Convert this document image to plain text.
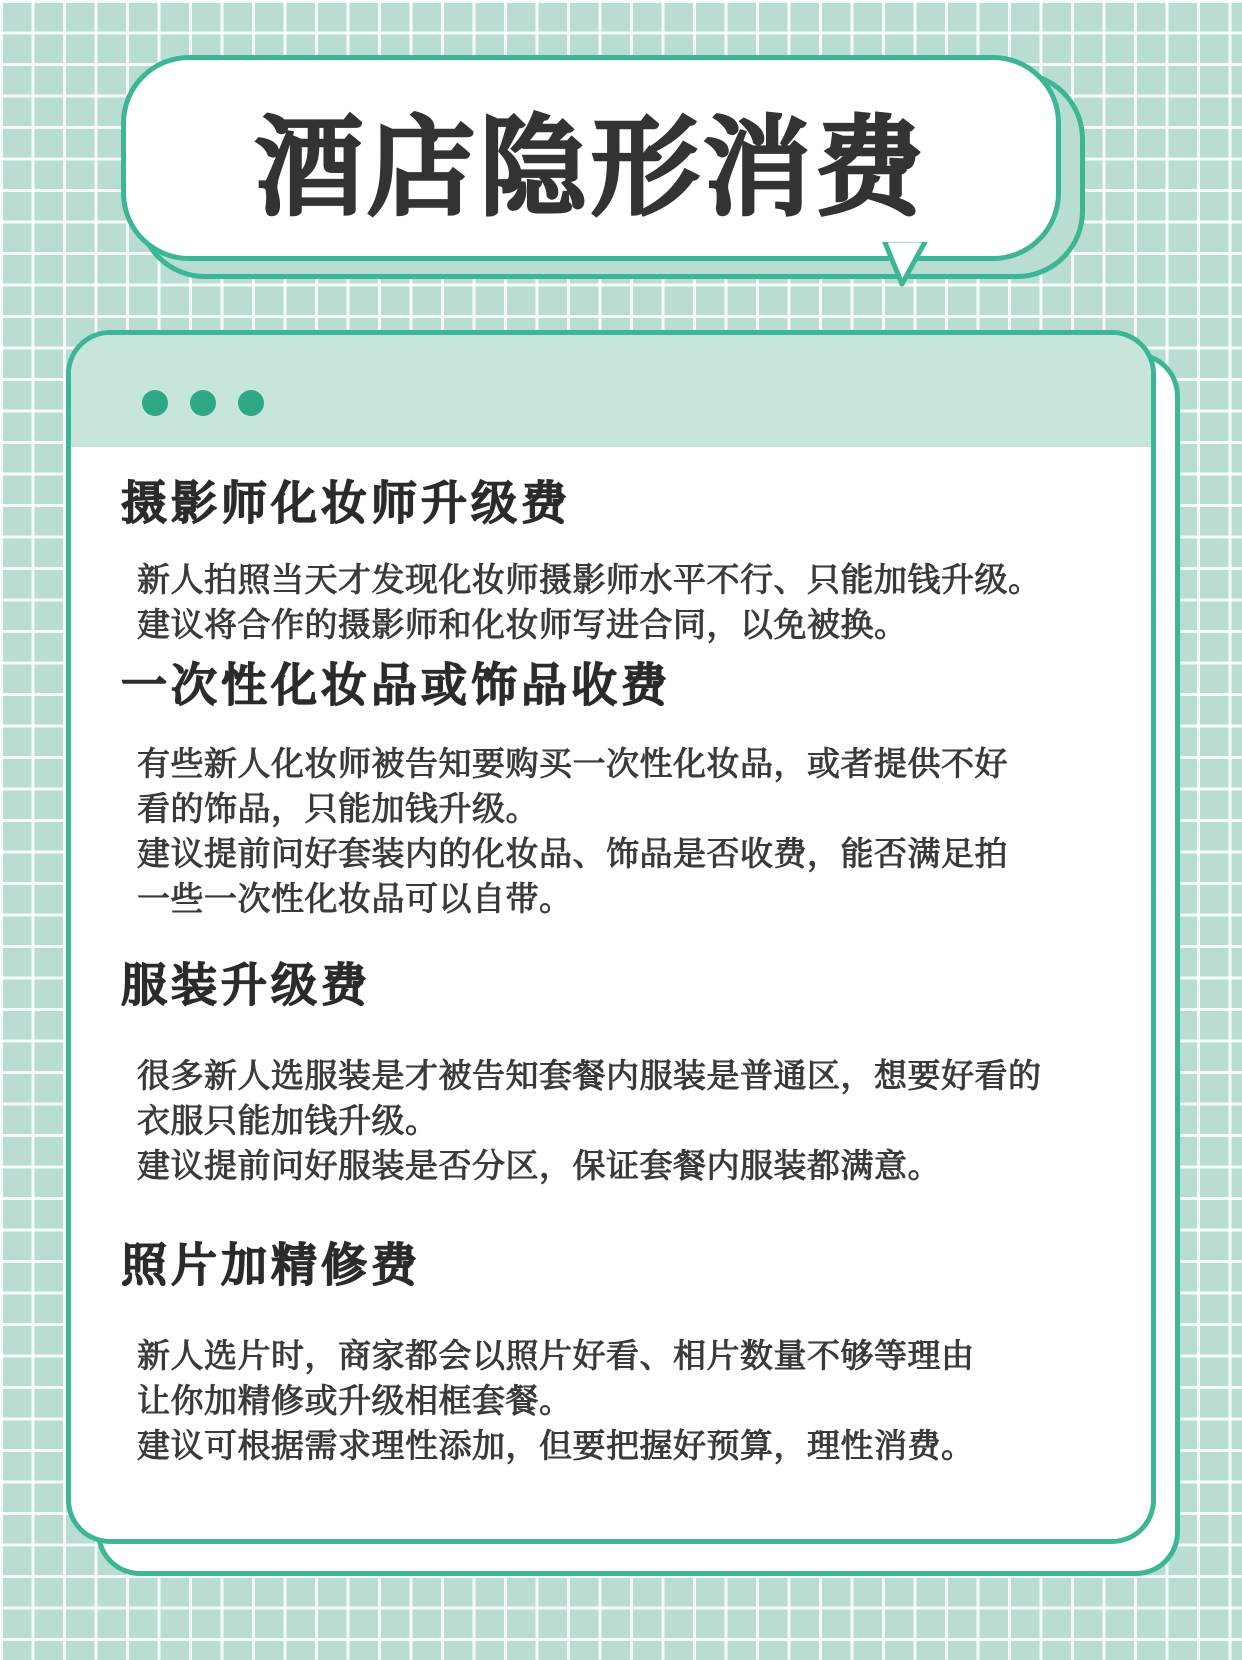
酒店隐形消费
摄影师化妆师升级费

新人拍照当天才发现化妆师摄影师水平不行、只能加钱升级。

建议将合作的摄影师和化妆师写进合同，以免被换。

一次性化妆品或饰品收费

有些新人化妆师被告知要购买一次性化妆品，或者提供不好

看的饰品，只能加钱升级。

建议提前问好套装内的化妆品、饰品是否收费，能否满足拍

一些一次性化妆品可以自带。

服装升级费

很多新人选服装是才被告知套餐内服装是普通区，想要好看的

衣服只能加钱升级。

建议提前问好服装是否分区，保证套餐内服装都满意。

照片加精修费

新人选片时，商家都会以照片好看、相片数量不够等理由

让你加精修或升级相框套餐。

建议可根据需求理性添加，但要把握好预算，理性消费。
